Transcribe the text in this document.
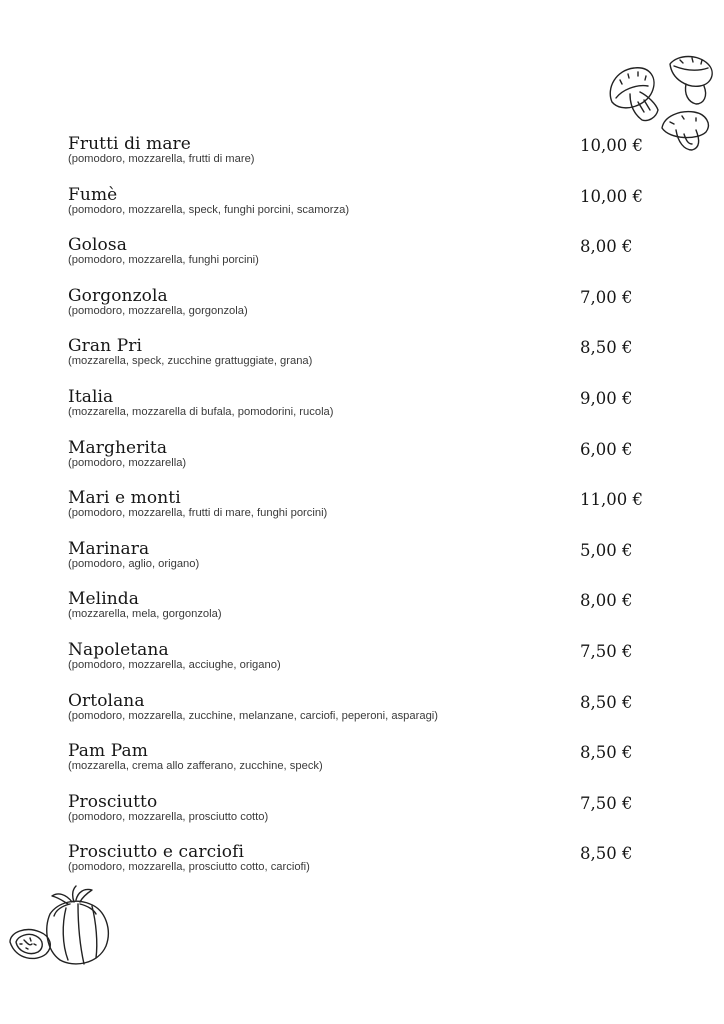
Frutti di mare
(pomodoro, mozzarella, frutti di mare)
10,00 €
Fumè
(pomodoro, mozzarella, speck, funghi porcini, scamorza)
10,00 €
Golosa
(pomodoro, mozzarella, funghi porcini)
8,00 €
Gorgonzola
(pomodoro, mozzarella, gorgonzola)
7,00 €
Gran Pri
(mozzarella, speck, zucchine grattuggiate, grana)
8,50 €
Italia
(mozzarella, mozzarella di bufala, pomodorini, rucola)
9,00 €
Margherita
(pomodoro, mozzarella)
6,00 €
Mari e monti
(pomodoro, mozzarella, frutti di mare, funghi porcini)
11,00 €
Marinara
(pomodoro, aglio, origano)
5,00 €
Melinda
(mozzarella, mela, gorgonzola)
8,00 €
Napoletana
(pomodoro, mozzarella, acciughe, origano)
7,50 €
Ortolana
(pomodoro, mozzarella, zucchine, melanzane, carciofi, peperoni, asparagi)
8,50 €
Pam Pam
(mozzarella, crema allo zafferano, zucchine, speck)
8,50 €
Prosciutto
(pomodoro, mozzarella, prosciutto cotto)
7,50 €
Prosciutto e carciofi
(pomodoro, mozzarella, prosciutto cotto, carciofi)
8,50 €
